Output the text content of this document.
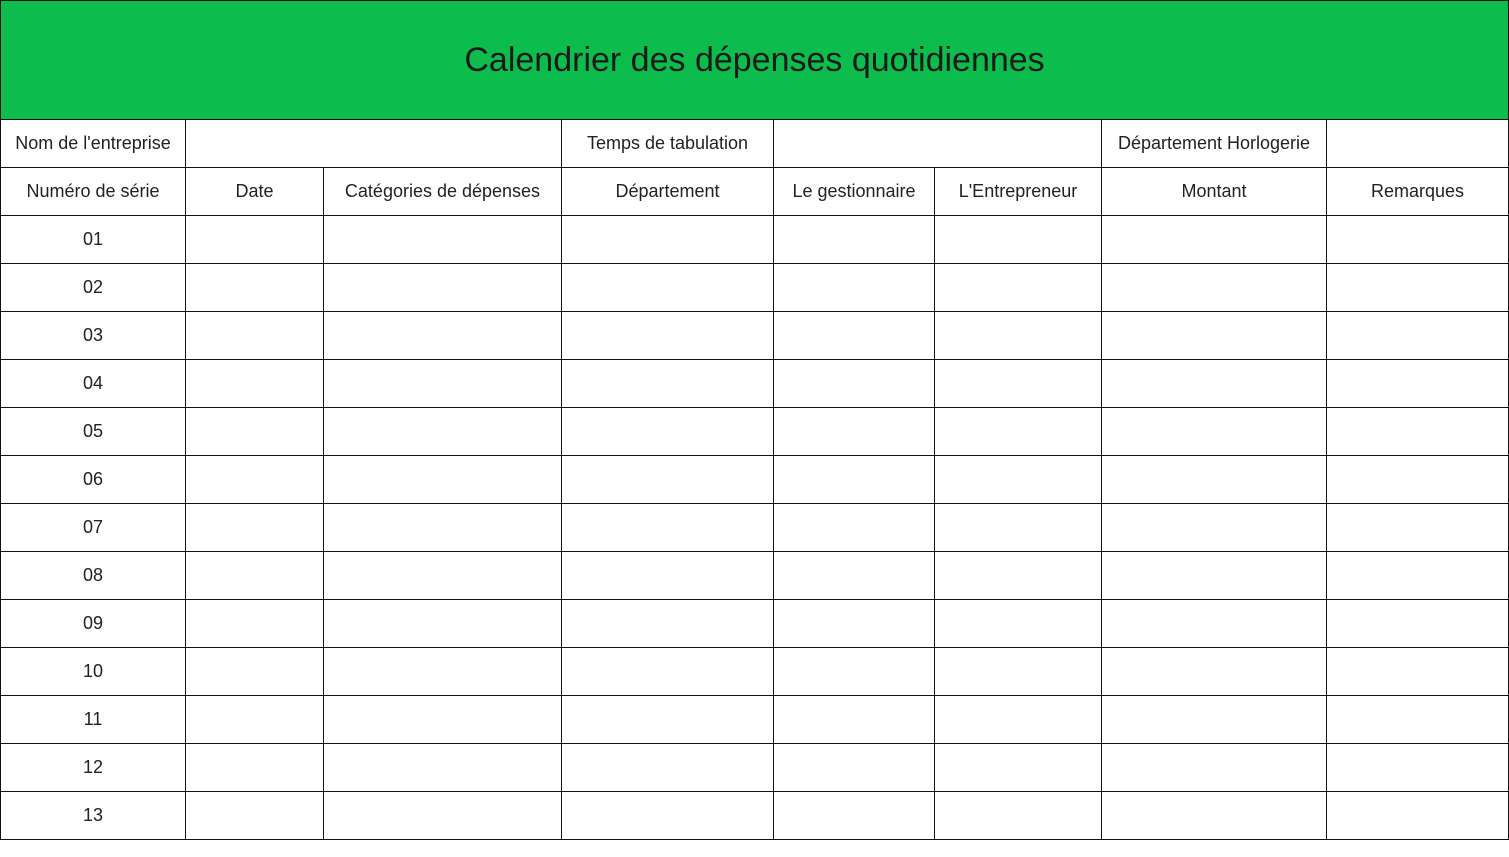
Calendrier des dépenses quotidiennes							
Nom de l'entreprise			Temps de tabulation			Département Horlogerie	
Numéro de série	Date	Catégories de dépenses	Département	Le gestionnaire	L'Entrepreneur	Montant	Remarques
01							
02							
03							
04							
05							
06							
07							
08							
09							
10							
11							
12							
13							
